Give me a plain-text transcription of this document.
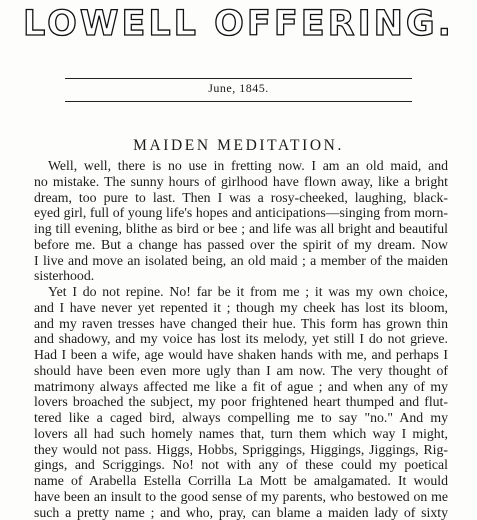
LOWELL OFFERING.
June, 1845.
MAIDEN MEDITATION.
Well, well, there is no use in fretting now. I am an old maid, and
no mistake. The sunny hours of girlhood have flown away, like a bright
dream, too pure to last. Then I was a rosy-cheeked, laughing, black-
eyed girl, full of young life's hopes and anticipations—singing from morn-
ing till evening, blithe as bird or bee ; and life was all bright and beautiful
before me. But a change has passed over the spirit of my dream. Now
I live and move an isolated being, an old maid ; a member of the maiden
sisterhood.
Yet I do not repine. No! far be it from me ; it was my own choice,
and I have never yet repented it ; though my cheek has lost its bloom,
and my raven tresses have changed their hue. This form has grown thin
and shadowy, and my voice has lost its melody, yet still I do not grieve.
Had I been a wife, age would have shaken hands with me, and perhaps I
should have been even more ugly than I am now. The very thought of
matrimony always affected me like a fit of ague ; and when any of my
lovers broached the subject, my poor frightened heart thumped and flut-
tered like a caged bird, always compelling me to say "no." And my
lovers all had such homely names that, turn them which way I might,
they would not pass. Higgs, Hobbs, Spriggings, Higgings, Jiggings, Rig-
gings, and Scriggings. No! not with any of these could my poetical
name of Arabella Estella Corrilla La Mott be amalgamated. It would
have been an insult to the good sense of my parents, who bestowed on me
such a pretty name ; and who, pray, can blame a maiden lady of sixty
